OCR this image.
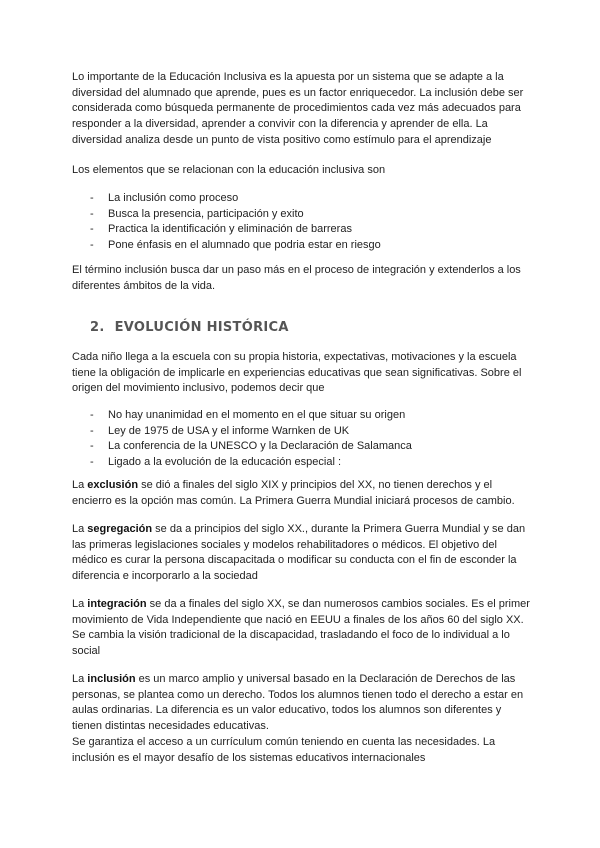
Lo importante de la Educación Inclusiva es la apuesta por un sistema que se adapte a la diversidad del alumnado que aprende, pues es un factor enriquecedor. La inclusión debe ser considerada como búsqueda permanente de procedimientos cada vez más adecuados para responder a la diversidad, aprender a convivir con la diferencia y aprender de ella. La diversidad analiza desde un punto de vista positivo como estímulo para el aprendizaje

Los elementos que se relacionan con la educación inclusiva son

- La inclusión como proceso
- Busca la presencia, participación y exito
- Practica la identificación y eliminación de barreras
- Pone énfasis en el alumnado que podria estar en riesgo

El término inclusión busca dar un paso más en el proceso de integración y extenderlos a los diferentes ámbitos de la vida.

2. EVOLUCIÓN HISTÓRICA

Cada niño llega a la escuela con su propia historia, expectativas, motivaciones y la escuela tiene la obligación de implicarle en experiencias educativas que sean significativas. Sobre el origen del movimiento inclusivo, podemos decir que

- No hay unanimidad en el momento en el que situar su origen
- Ley de 1975 de USA y el informe Warnken de UK
- La conferencia de la UNESCO y la Declaración de Salamanca
- Ligado a la evolución de la educación especial :

La exclusión se dió a finales del siglo XIX y principios del XX, no tienen derechos y el encierro es la opción mas común. La Primera Guerra Mundial iniciará procesos de cambio.

La segregación se da a principios del siglo XX., durante la Primera Guerra Mundial y se dan las primeras legislaciones sociales y modelos rehabilitadores o médicos. El objetivo del médico es curar la persona discapacitada o modificar su conducta con el fin de esconder la diferencia e incorporarlo a la sociedad

La integración se da a finales del siglo XX, se dan numerosos cambios sociales. Es el primer movimiento de Vida Independiente que nació en EEUU a finales de los años 60 del siglo XX. Se cambia la visión tradicional de la discapacidad, trasladando el foco de lo individual a lo social

La inclusión es un marco amplio y universal basado en la Declaración de Derechos de las personas, se plantea como un derecho. Todos los alumnos tienen todo el derecho a estar en aulas ordinarias. La diferencia es un valor educativo, todos los alumnos son diferentes y tienen distintas necesidades educativas.
Se garantiza el acceso a un currículum común teniendo en cuenta las necesidades. La inclusión es el mayor desafío de los sistemas educativos internacionales
